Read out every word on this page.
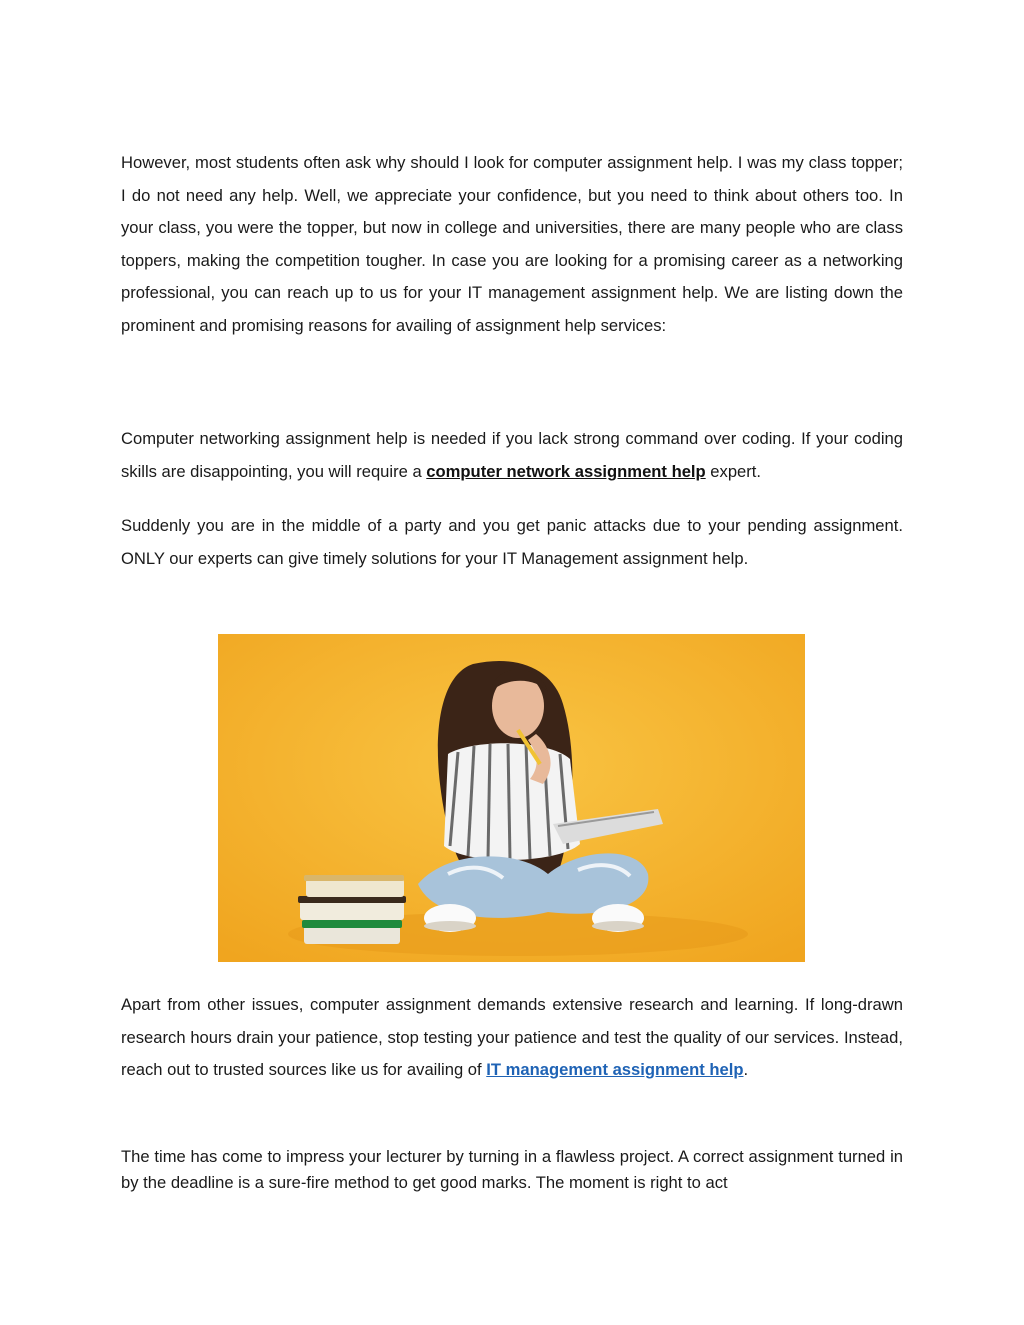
However, most students often ask why should I look for computer assignment help. I was my class topper; I do not need any help. Well, we appreciate your confidence, but you need to think about others too. In your class, you were the topper, but now in college and universities, there are many people who are class toppers, making the competition tougher. In case you are looking for a promising career as a networking professional, you can reach up to us for your IT management assignment help. We are listing down the prominent and promising reasons for availing of assignment help services:

Computer networking assignment help is needed if you lack strong command over coding. If your coding skills are disappointing, you will require a computer network assignment help expert.

Suddenly you are in the middle of a party and you get panic attacks due to your pending assignment. ONLY our experts can give timely solutions for your IT Management assignment help.

Apart from other issues, computer assignment demands extensive research and learning. If long-drawn research hours drain your patience, stop testing your patience and test the quality of our services. Instead, reach out to trusted sources like us for availing of IT management assignment help.

The time has come to impress your lecturer by turning in a flawless project. A correct assignment turned in by the deadline is a sure-fire method to get good marks. The moment is right to act
